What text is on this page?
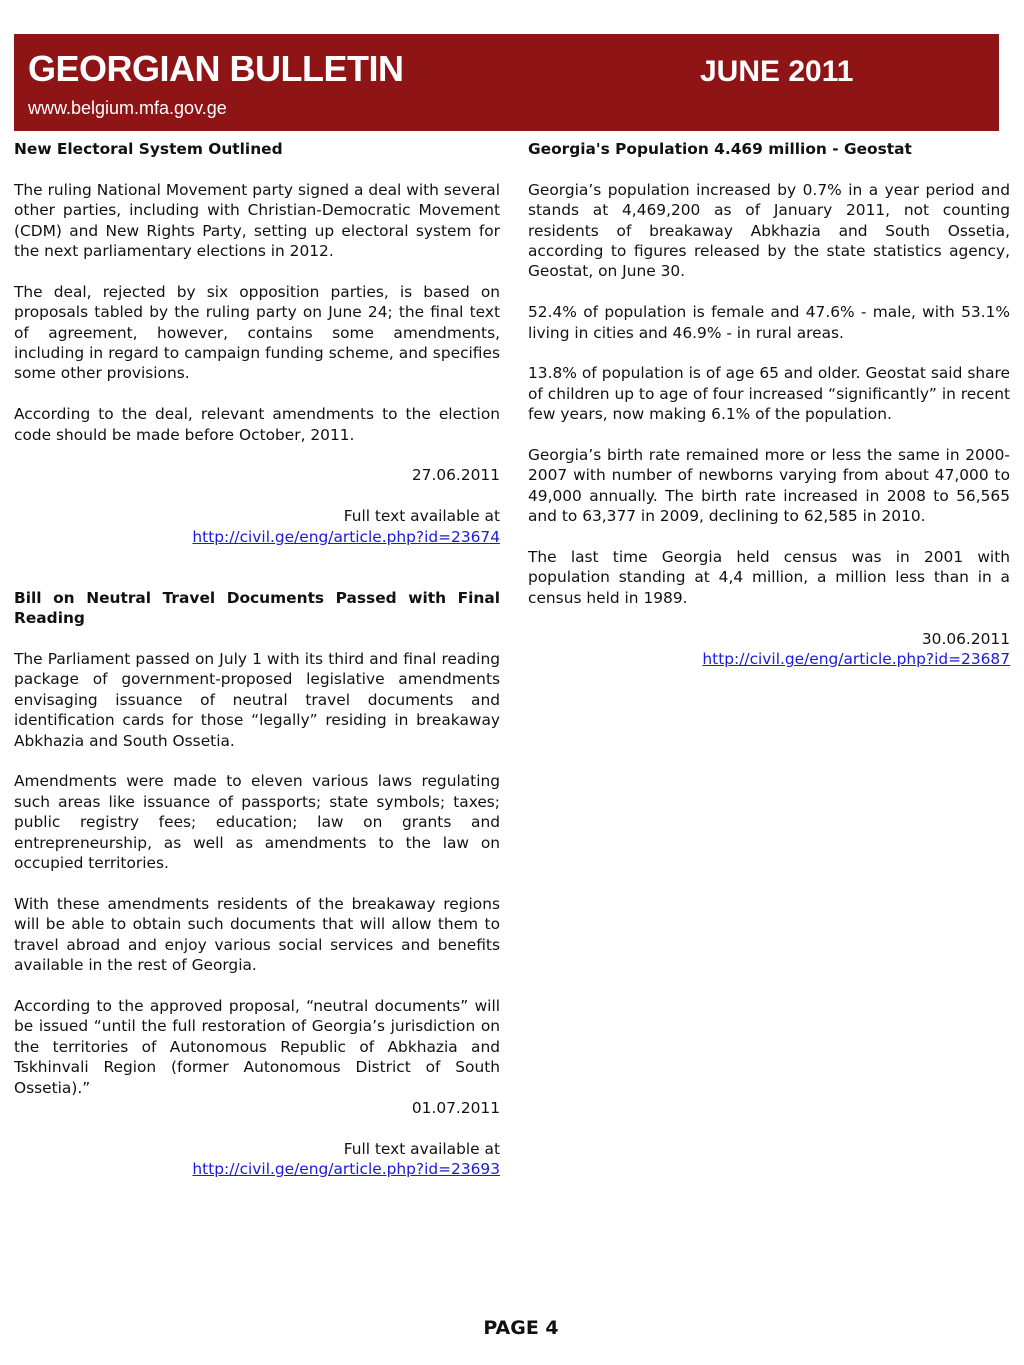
GEORGIAN BULLETIN
www.belgium.mfa.gov.ge
JUNE 2011
New Electoral System Outlined

The ruling National Movement party signed a deal with several other parties, including with Christian-Democratic Movement (CDM) and New Rights Party, setting up electoral system for the next parliamentary elections in 2012.

The deal, rejected by six opposition parties, is based on proposals tabled by the ruling party on June 24; the final text of agreement, however, contains some amendments, including in regard to campaign funding scheme, and specifies some other provisions.

According to the deal, relevant amendments to the election code should be made before October, 2011.

27.06.2011

Full text available at

http://civil.ge/eng/article.php?id=23674

Bill on Neutral Travel Documents Passed with Final Reading

The Parliament passed on July 1 with its third and final reading package of government-proposed legislative amendments envisaging issuance of neutral travel documents and identification cards for those “legally” residing in breakaway Abkhazia and South Ossetia.

Amendments were made to eleven various laws regulating such areas like issuance of passports; state symbols; taxes; public registry fees; education; law on grants and entrepreneurship, as well as amendments to the law on occupied territories.

With these amendments residents of the breakaway regions will be able to obtain such documents that will allow them to travel abroad and enjoy various social services and benefits available in the rest of Georgia.

According to the approved proposal, “neutral documents” will be issued “until the full restoration of Georgia’s jurisdiction on the territories of Autonomous Republic of Abkhazia and Tskhinvali Region (former Autonomous District of South Ossetia).”

01.07.2011

Full text available at

http://civil.ge/eng/article.php?id=23693

Georgia's Population 4.469 million - Geostat

Georgia’s population increased by 0.7% in a year period and stands at 4,469,200 as of January 2011, not counting residents of breakaway Abkhazia and South Ossetia, according to figures released by the state statistics agency, Geostat, on June 30.

52.4% of population is female and 47.6% - male, with 53.1% living in cities and 46.9% - in rural areas.

13.8% of population is of age 65 and older. Geostat said share of children up to age of four increased “significantly” in recent few years, now making 6.1% of the population.

Georgia’s birth rate remained more or less the same in 2000-2007 with number of newborns varying from about 47,000 to 49,000 annually. The birth rate increased in 2008 to 56,565 and to 63,377 in 2009, declining to 62,585 in 2010.

The last time Georgia held census was in 2001 with population standing at 4,4 million, a million less than in a census held in 1989.

30.06.2011

http://civil.ge/eng/article.php?id=23687

PAGE 4
